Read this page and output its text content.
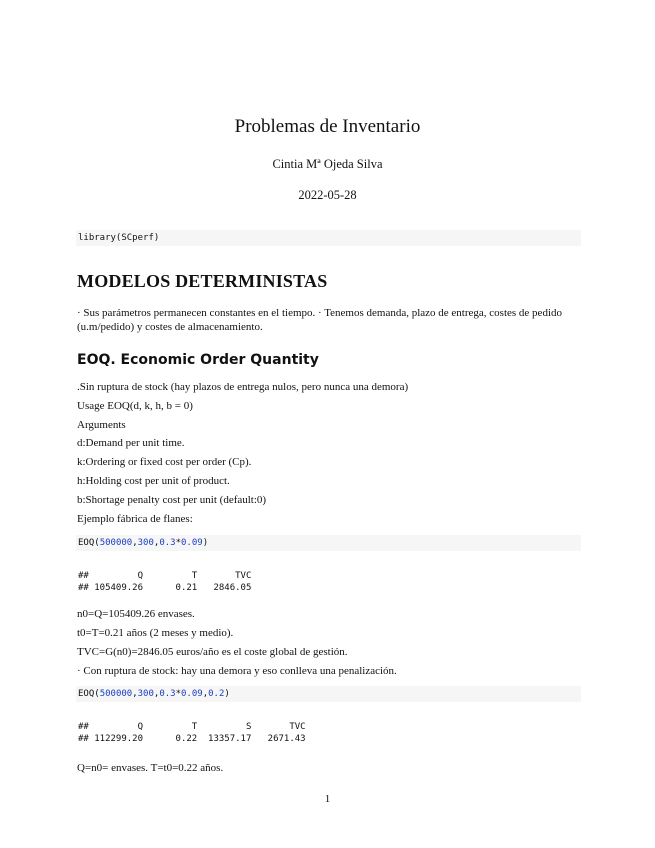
Problemas de Inventario
Cintia Mª Ojeda Silva
2022-05-28
library(SCperf)
MODELOS DETERMINISTAS
· Sus parámetros permanecen constantes en el tiempo. · Tenemos demanda, plazo de entrega, costes de pedido (u.m/pedido) y costes de almacenamiento.
EOQ. Economic Order Quantity
.Sin ruptura de stock (hay plazos de entrega nulos, pero nunca una demora)
Usage EOQ(d, k, h, b = 0)
Arguments
d:Demand per unit time.
k:Ordering or fixed cost per order (Cp).
h:Holding cost per unit of product.
b:Shortage penalty cost per unit (default:0)
Ejemplo fábrica de flanes:
EOQ(500000,300,0.3*0.09)
##         Q         T       TVC
## 105409.26      0.21   2846.05
n0=Q=105409.26 envases.
t0=T=0.21 años (2 meses y medio).
TVC=G(n0)=2846.05 euros/año es el coste global de gestión.
· Con ruptura de stock: hay una demora y eso conlleva una penalización.
EOQ(500000,300,0.3*0.09,0.2)
##         Q         T         S       TVC
## 112299.20      0.22  13357.17   2671.43
Q=n0= envases. T=t0=0.22 años.
1
